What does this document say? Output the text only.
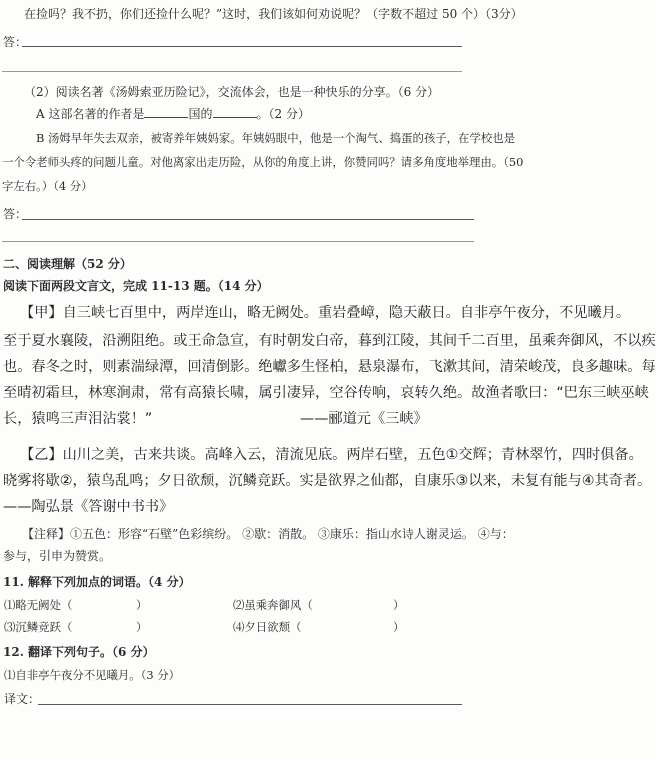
在捡吗？我不扔，你们还捡什么呢？”这时，我们该如何劝说呢？（字数不超过 50 个）（3分）
答：
（2）阅读名著《汤姆索亚历险记》，交流体会，也是一种快乐的分享。（6 分）
A 这部名著的作者是	国的	。（2 分）
B 汤姆早年失去双亲，被寄养年姨妈家。年姨妈眼中，他是一个淘气、捣蛋的孩子，在学校也是
一个令老师头疼的问题儿童。对他离家出走历险，从你的角度上讲，你赞同吗？请多角度地举理由。（50
字左右。）（4 分）
答：
二、阅读理解（52 分）
阅读下面两段文言文，完成 11-13 题。（14 分）
【甲】自三峡七百里中，两岸连山，略无阙处。重岩叠嶂，隐天蔽日。自非亭午夜分，不见曦月。
至于夏水襄陵，沿溯阻绝。或王命急宣，有时朝发白帝，暮到江陵，其间千二百里，虽乘奔御风，不以疾
也。春冬之时，则素湍绿潭，回清倒影。绝巘多生怪柏，悬泉瀑布，飞漱其间，清荣峻茂，良多趣味。每
至晴初霜旦，林寒涧肃，常有高猿长啸，属引凄异，空谷传响，哀转久绝。故渔者歌曰：“巴东三峡巫峡
长，猿鸣三声泪沾裳！”	——郦道元《三峡》
【乙】山川之美，古来共谈。高峰入云，清流见底。两岸石壁，五色①交辉；青林翠竹，四时俱备。
晓雾将歇②，猿鸟乱鸣；夕日欲颓，沉鳞竞跃。实是欲界之仙都，自康乐③以来，未复有能与④其奇者。
——陶弘景《答谢中书书》
【注释】①五色：形容“石壁”色彩缤纷。 ②歇：消散。 ③康乐：指山水诗人谢灵运。 ④与：
参与，引申为赞赏。
11. 解释下列加点的词语。（4 分）
⑴略无阙处（	）	⑵虽乘奔御风（	）
⑶沉鳞竞跃（	）	⑷夕日欲颓（	）
12. 翻译下列句子。（6 分）
⑴自非亭午夜分不见曦月。（3 分）
译文：
